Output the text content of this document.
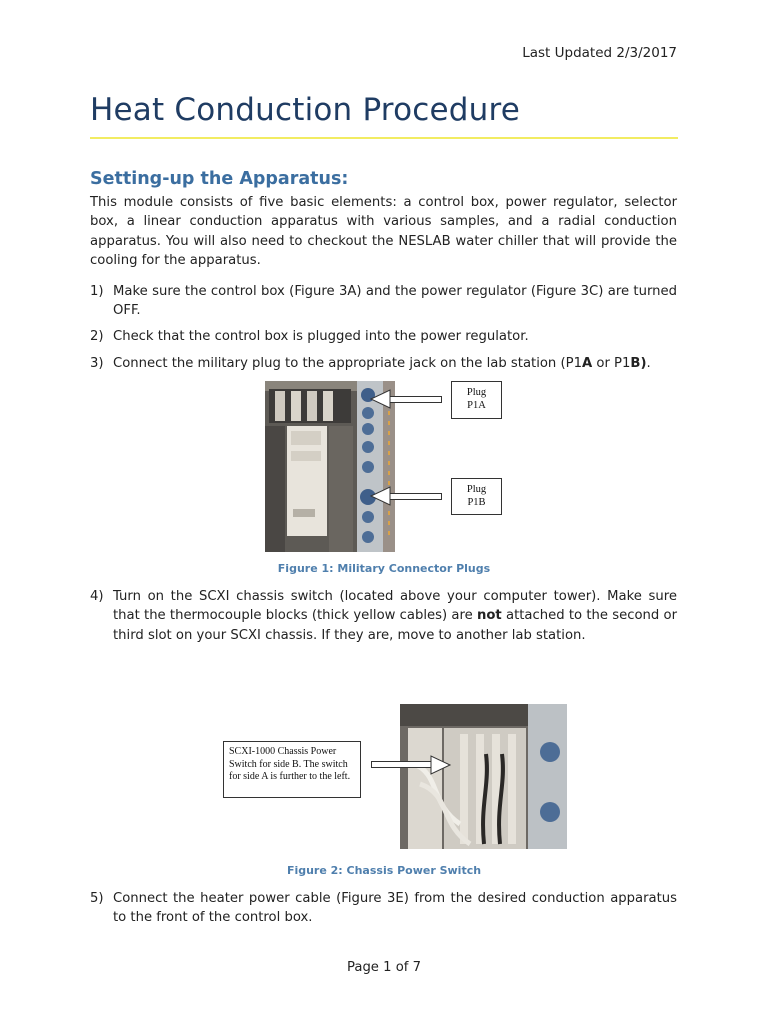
Last Updated 2/3/2017
Heat Conduction Procedure
Setting-up the Apparatus:

This module consists of five basic elements: a control box, power regulator, selector box, a linear conduction apparatus with various samples, and a radial conduction apparatus. You will also need to checkout the NESLAB water chiller that will provide the cooling for the apparatus.

1) Make sure the control box (Figure 3A) and the power regulator (Figure 3C) are turned OFF.
2) Check that the control box is plugged into the power regulator.
3) Connect the military plug to the appropriate jack on the lab station (P1A or P1B).
Plug
P1A
Plug
P1B
Figure 1: Military Connector Plugs
4) Turn on the SCXI chassis switch (located above your computer tower). Make sure that the thermocouple blocks (thick yellow cables) are not attached to the second or third slot on your SCXI chassis. If they are, move to another lab station.
SCXI-1000 Chassis Power Switch for side B. The switch for side A is further to the left.
Figure 2: Chassis Power Switch
5) Connect the heater power cable (Figure 3E) from the desired conduction apparatus to the front of the control box.
Page 1 of 7
